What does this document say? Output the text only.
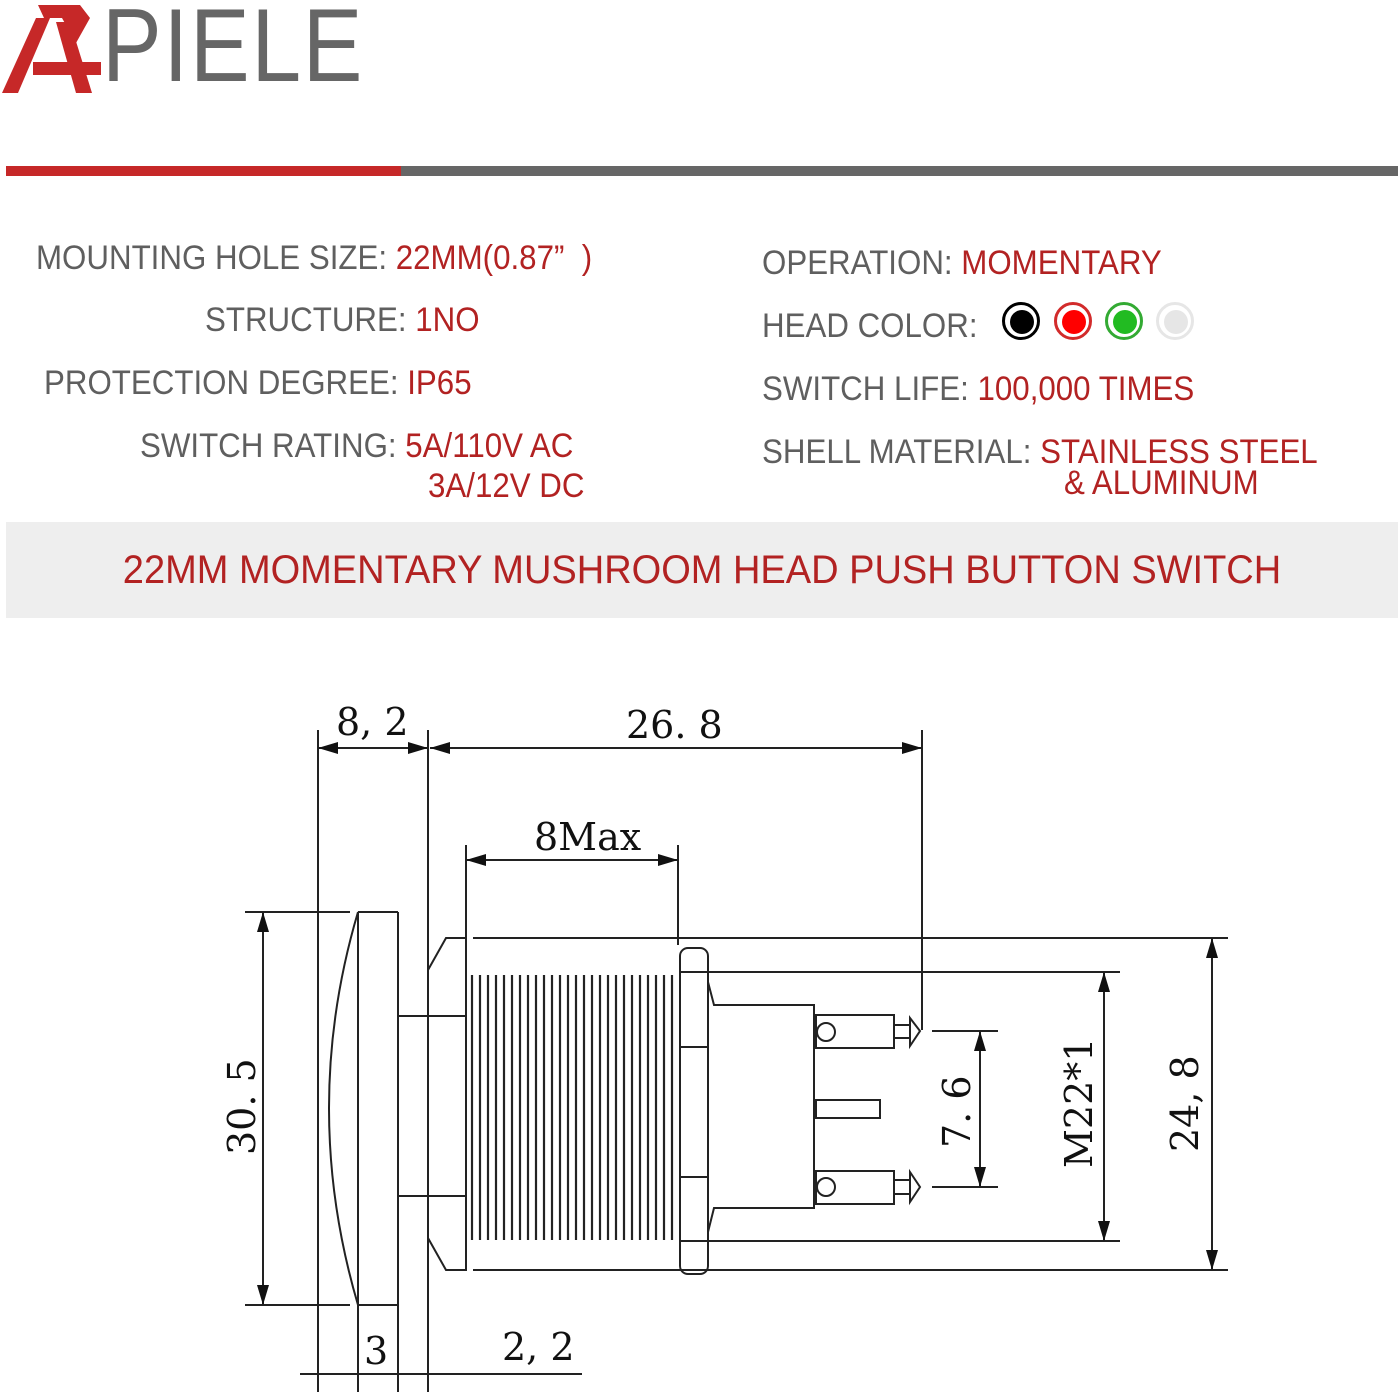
PIELE
MOUNTING HOLE SIZE: 22MM(0.87”  )
STRUCTURE: 1NO
PROTECTION DEGREE: IP65
SWITCH RATING: 5A/110V AC
3A/12V DC
OPERATION: MOMENTARY
HEAD COLOR:
SWITCH LIFE: 100,000 TIMES
SHELL MATERIAL: STAINLESS STEEL
& ALUMINUM
22MM MOMENTARY MUSHROOM HEAD PUSH BUTTON SWITCH
8, 2	26. 8
8Max
30. 5	7. 6 M22*1 24, 8
3	2, 2
